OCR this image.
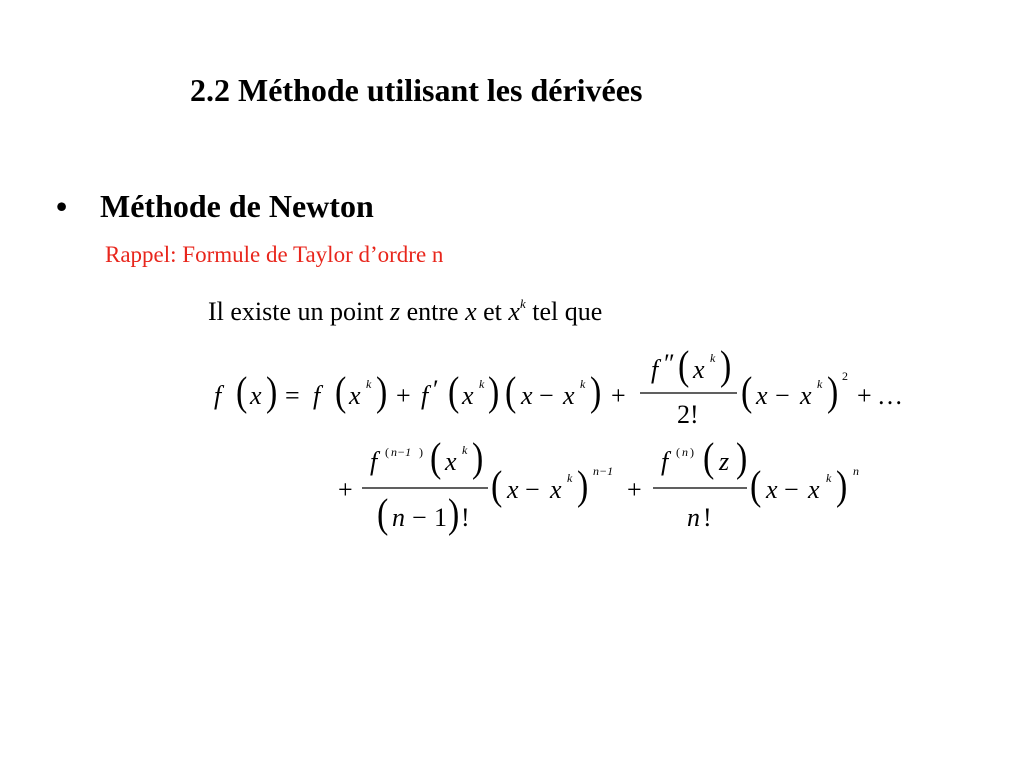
2.2 Méthode utilisant les dérivées
• Méthode de Newton
Rappel: Formule de Taylor d’ordre n
Il existe un point z entre x et $x^k$ tel que
f ( x ) = f ( x k ) + f ′ ( x k ) ( x − x k ) +
f ″ ( x k )
2! ( x − x k ) 2
+ …
+
f ( n−1 ) ( x k )
( n − 1 ) !
( x − x k ) n−1
+
f ( n ) ( z )
n !
( x − x k ) n
